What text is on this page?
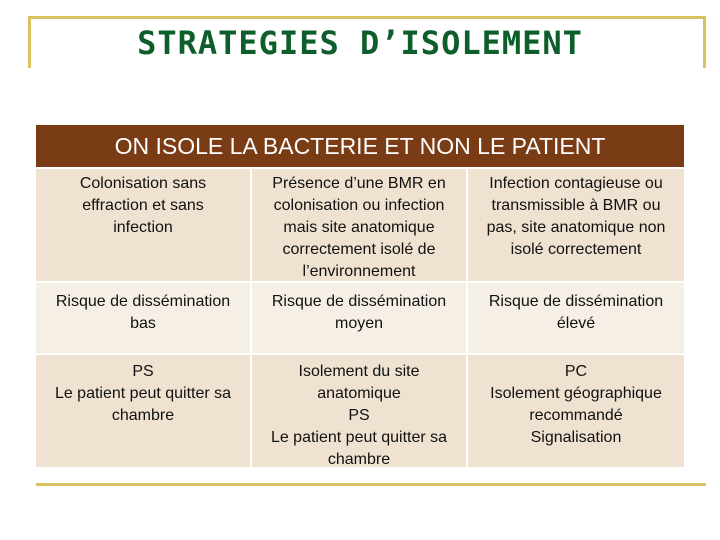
STRATEGIES D’ISOLEMENT
ON ISOLE LA BACTERIE ET NON LE PATIENT
Colonisation sans
effraction et sans
infection
Présence d’une BMR en
colonisation ou infection
mais site anatomique
correctement isolé de
l’environnement
Infection contagieuse ou
transmissible à BMR ou
pas, site anatomique non
isolé correctement
Risque de dissémination
bas
Risque de dissémination
moyen
Risque de dissémination
élevé
PS
Le patient peut quitter sa
chambre
Isolement du site
anatomique
PS
Le patient peut quitter sa
chambre
PC
Isolement géographique
recommandé
Signalisation
